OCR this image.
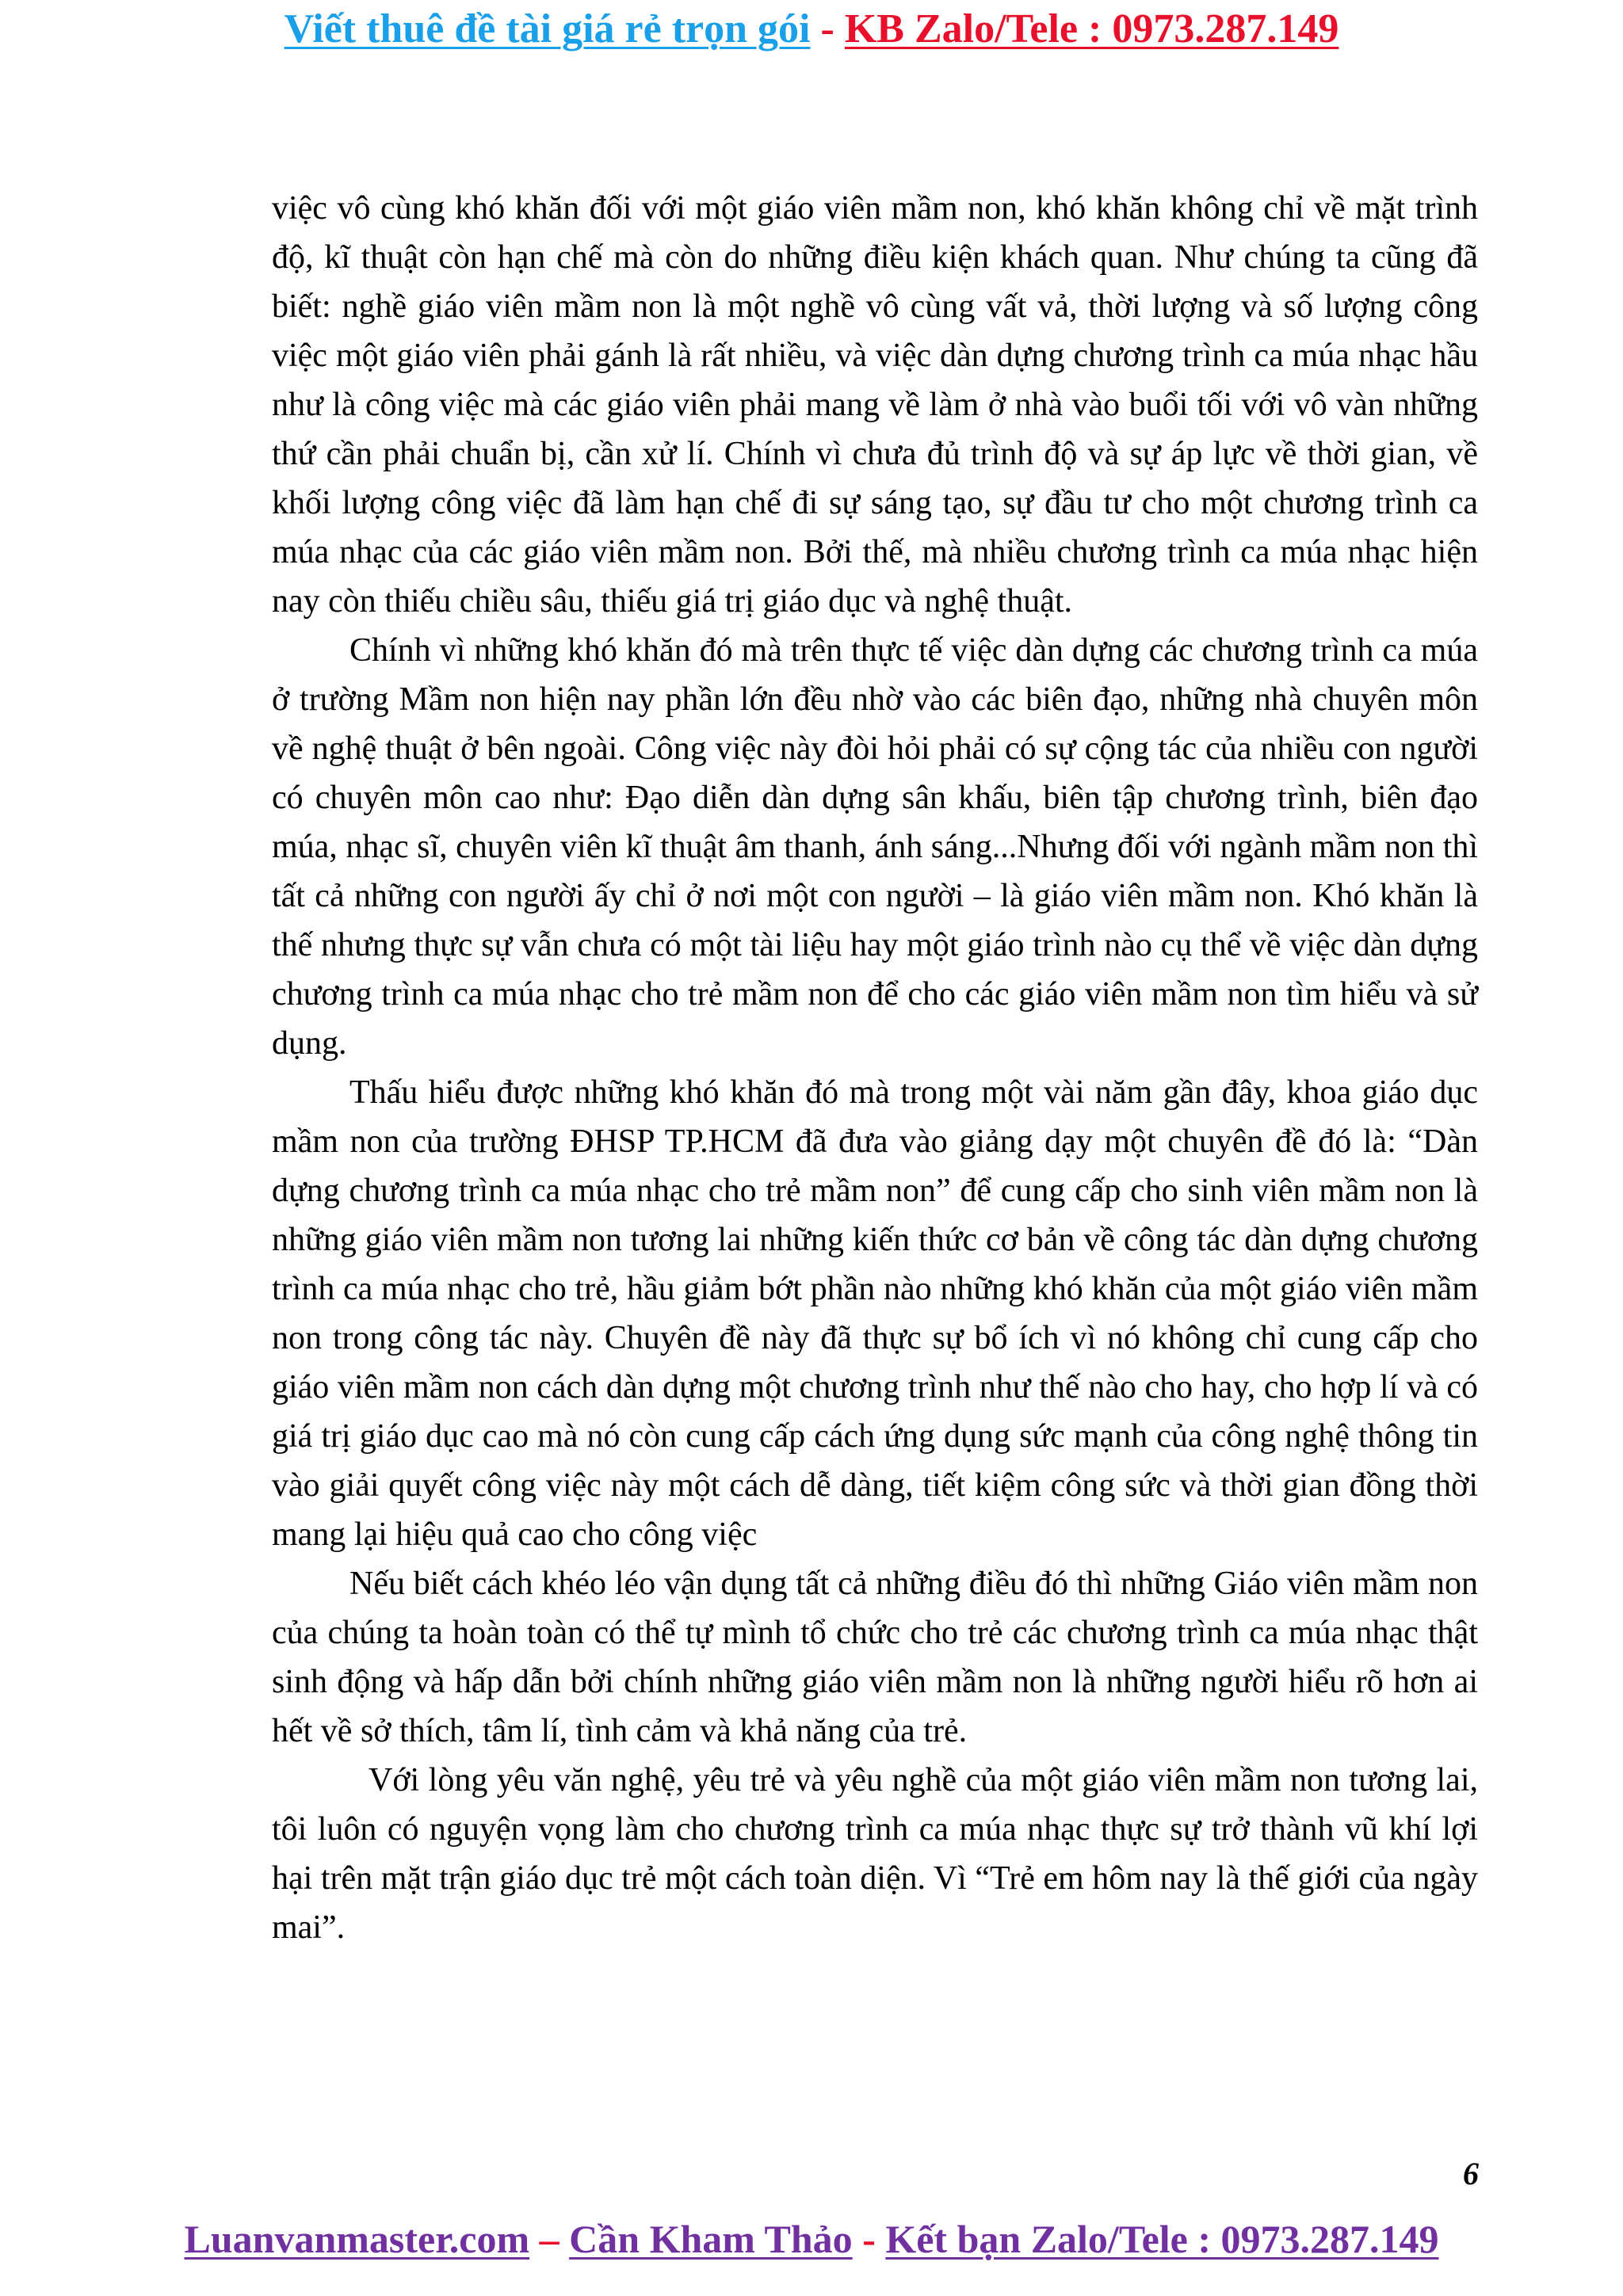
Viết thuê đề tài giá rẻ trọn gói - KB Zalo/Tele : 0973.287.149

việc vô cùng khó khăn đối với một giáo viên mầm non, khó khăn không chỉ về mặt trình độ, kĩ thuật còn hạn chế mà còn do những điều kiện khách quan. Như chúng ta cũng đã biết: nghề giáo viên mầm non là một nghề vô cùng vất vả, thời lượng và số lượng công việc một giáo viên phải gánh là rất nhiều, và việc dàn dựng chương trình ca múa nhạc hầu như là công việc mà các giáo viên phải mang về làm ở nhà vào buổi tối với vô vàn những thứ cần phải chuẩn bị, cần xử lí. Chính vì chưa đủ trình độ và sự áp lực về thời gian, về khối lượng công việc đã làm hạn chế đi sự sáng tạo, sự đầu tư cho một chương trình ca múa nhạc của các giáo viên mầm non. Bởi thế, mà nhiều chương trình ca múa nhạc hiện nay còn thiếu chiều sâu, thiếu giá trị giáo dục và nghệ thuật.

Chính vì những khó khăn đó mà trên thực tế việc dàn dựng các chương trình ca múa ở trường Mầm non hiện nay phần lớn đều nhờ vào các biên đạo, những nhà chuyên môn về nghệ thuật ở bên ngoài. Công việc này đòi hỏi phải có sự cộng tác của nhiều con người có chuyên môn cao như: Đạo diễn dàn dựng sân khấu, biên tập chương trình, biên đạo múa, nhạc sĩ, chuyên viên kĩ thuật âm thanh, ánh sáng...Nhưng đối với ngành mầm non thì tất cả những con người ấy chỉ ở nơi một con người – là giáo viên mầm non. Khó khăn là thế nhưng thực sự vẫn chưa có một tài liệu hay một giáo trình nào cụ thể về việc dàn dựng chương trình ca múa nhạc cho trẻ mầm non để cho các giáo viên mầm non tìm hiểu và sử dụng.

Thấu hiểu được những khó khăn đó mà trong một vài năm gần đây, khoa giáo dục mầm non của trường ĐHSP TP.HCM đã đưa vào giảng dạy một chuyên đề đó là: “Dàn dựng chương trình ca múa nhạc cho trẻ mầm non” để cung cấp cho sinh viên mầm non là những giáo viên mầm non tương lai những kiến thức cơ bản về công tác dàn dựng chương trình ca múa nhạc cho trẻ, hầu giảm bớt phần nào những khó khăn của một giáo viên mầm non trong công tác này. Chuyên đề này đã thực sự bổ ích vì nó không chỉ cung cấp cho giáo viên mầm non cách dàn dựng một chương trình như thế nào cho hay, cho hợp lí và có giá trị giáo dục cao mà nó còn cung cấp cách ứng dụng sức mạnh của công nghệ thông tin vào giải quyết công việc này một cách dễ dàng, tiết kiệm công sức và thời gian đồng thời mang lại hiệu quả cao cho công việc

Nếu biết cách khéo léo vận dụng tất cả những điều đó thì những Giáo viên mầm non của chúng ta hoàn toàn có thể tự mình tổ chức cho trẻ các chương trình ca múa nhạc thật sinh động và hấp dẫn bởi chính những giáo viên mầm non là những người hiểu rõ hơn ai hết về sở thích, tâm lí, tình cảm và khả năng của trẻ.

Với lòng yêu văn nghệ, yêu trẻ và yêu nghề của một giáo viên mầm non tương lai, tôi luôn có nguyện vọng làm cho chương trình ca múa nhạc thực sự trở thành vũ khí lợi hại trên mặt trận giáo dục trẻ một cách toàn diện. Vì “Trẻ em hôm nay là thế giới của ngày mai”.

6
Luanvanmaster.com – Cần Kham Thảo - Kết bạn Zalo/Tele : 0973.287.149
